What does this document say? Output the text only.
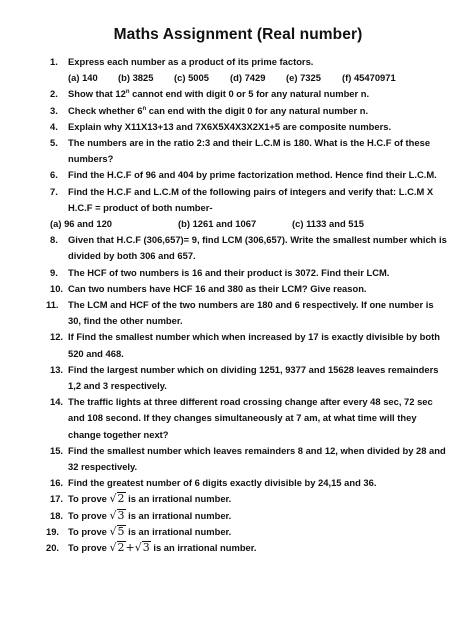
Maths Assignment (Real number)
1. Express each number as a product of its prime factors.
(a) 140	(b) 3825	(c) 5005	(d) 7429	(e) 7325	(f) 45470971
2. Show that 12$^n$ cannot end with digit 0 or 5 for any natural number n.
3. Check whether 6$^n$ can end with the digit 0 for any natural number n.
4. Explain why X11X13+13 and 7X6X5X4X3X2X1+5 are composite numbers.
5. The numbers are in the ratio 2:3 and their L.C.M is 180. What is the H.C.F of these numbers?
6. Find the H.C.F of 96 and 404 by prime factorization method. Hence find their L.C.M.
7. Find the H.C.F and L.C.M of the following pairs of integers and verify that: L.C.M X H.C.F = product of both number-
(a) 96 and 120	(b) 1261 and 1067	(c) 1133 and 515
8. Given that H.C.F (306,657)= 9, find LCM (306,657). Write the smallest number which is divided by both 306 and 657.
9. The HCF of two numbers is 16 and their product is 3072. Find their LCM.
10. Can two numbers have HCF 16 and 380 as their LCM? Give reason.
11. The LCM and HCF of the two numbers are 180 and 6 respectively. If one number is 30, find the other number.
12. If Find the smallest number which when increased by 17 is exactly divisible by both 520 and 468.
13. Find the largest number which on dividing 1251, 9377 and 15628 leaves remainders 1,2 and 3 respectively.
14. The traffic lights at three different road crossing change after every 48 sec, 72 sec and 108 second. If they changes simultaneously at 7 am, at what time will they change together next?
15. Find the smallest number which leaves remainders 8 and 12, when divided by 28 and 32 respectively.
16. Find the greatest number of 6 digits exactly divisible by 24,15 and 36.
17. To prove √2 is an irrational number.
18. To prove √3 is an irrational number.
19. To prove √5 is an irrational number.
20. To prove √2+√3 is an irrational number.
